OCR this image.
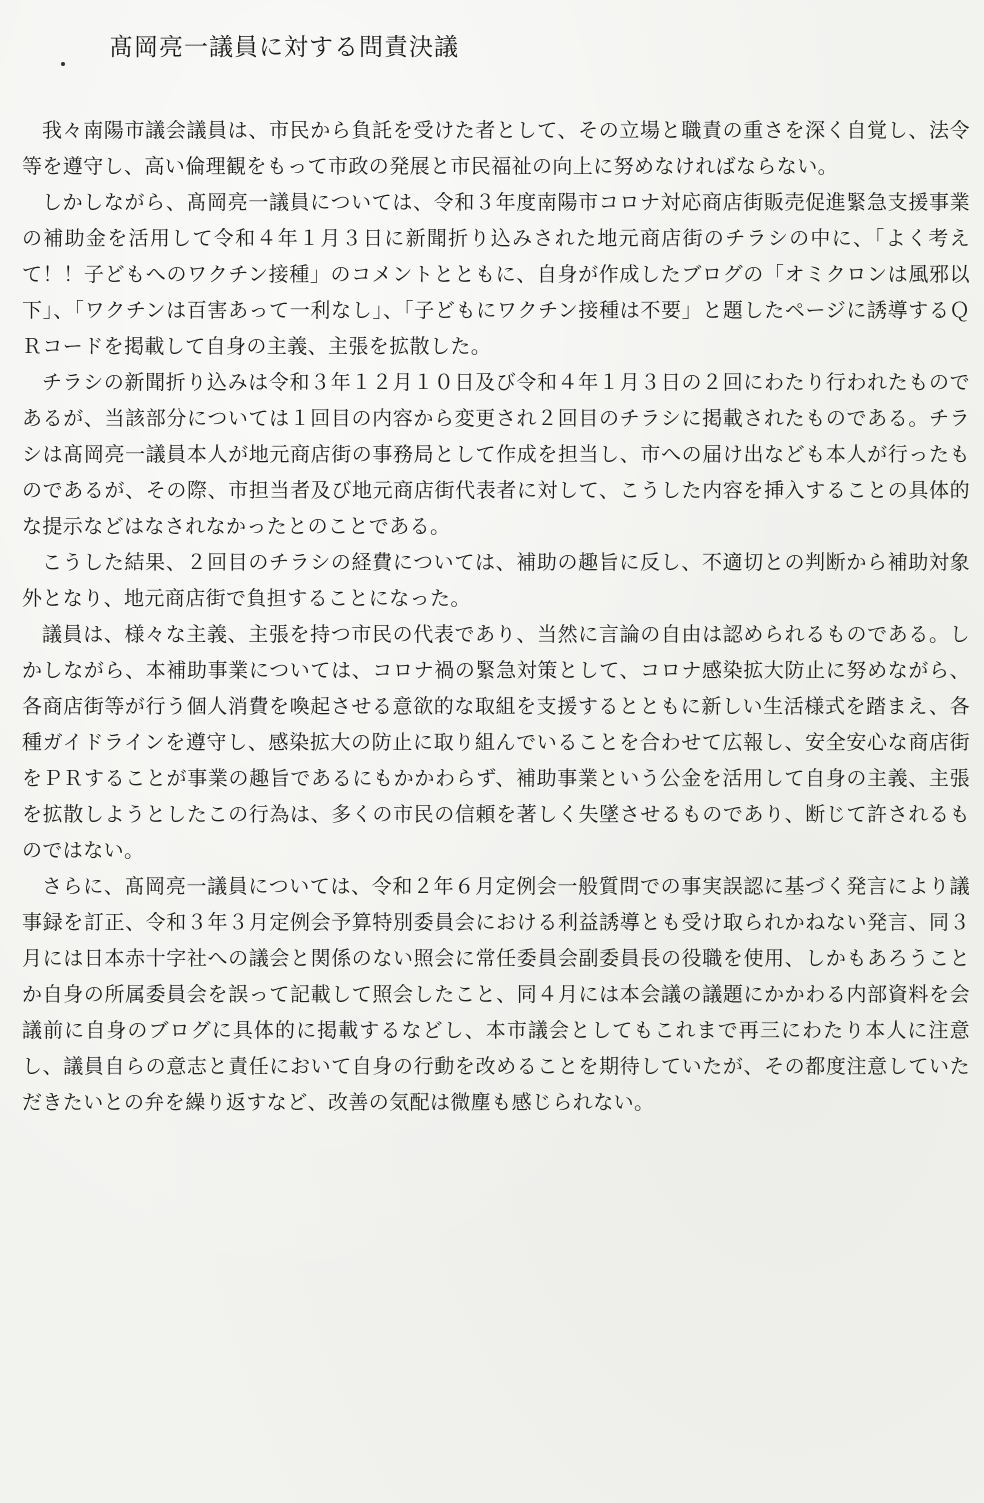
髙岡亮一議員に対する問責決議

我々南陽市議会議員は、市民から負託を受けた者として、その立場と職責の重さを深く自覚し、法令等を遵守し、高い倫理観をもって市政の発展と市民福祉の向上に努めなければならない。

しかしながら、髙岡亮一議員については、令和３年度南陽市コロナ対応商店街販売促進緊急支援事業の補助金を活用して令和４年１月３日に新聞折り込みされた地元商店街のチラシの中に、「よく考えて！！子どもへのワクチン接種」のコメントとともに、自身が作成したブログの「オミクロンは風邪以下」、「ワクチンは百害あって一利なし」、「子どもにワクチン接種は不要」と題したページに誘導するＱＲコードを掲載して自身の主義、主張を拡散した。

チラシの新聞折り込みは令和３年１２月１０日及び令和４年１月３日の２回にわたり行われたものであるが、当該部分については１回目の内容から変更され２回目のチラシに掲載されたものである。チラシは髙岡亮一議員本人が地元商店街の事務局として作成を担当し、市への届け出なども本人が行ったものであるが、その際、市担当者及び地元商店街代表者に対して、こうした内容を挿入することの具体的な提示などはなされなかったとのことである。

こうした結果、２回目のチラシの経費については、補助の趣旨に反し、不適切との判断から補助対象外となり、地元商店街で負担することになった。

議員は、様々な主義、主張を持つ市民の代表であり、当然に言論の自由は認められるものである。しかしながら、本補助事業については、コロナ禍の緊急対策として、コロナ感染拡大防止に努めながら、各商店街等が行う個人消費を喚起させる意欲的な取組を支援するとともに新しい生活様式を踏まえ、各種ガイドラインを遵守し、感染拡大の防止に取り組んでいることを合わせて広報し、安全安心な商店街をＰＲすることが事業の趣旨であるにもかかわらず、補助事業という公金を活用して自身の主義、主張を拡散しようとしたこの行為は、多くの市民の信頼を著しく失墜させるものであり、断じて許されるものではない。

さらに、髙岡亮一議員については、令和２年６月定例会一般質問での事実誤認に基づく発言により議事録を訂正、令和３年３月定例会予算特別委員会における利益誘導とも受け取られかねない発言、同３月には日本赤十字社への議会と関係のない照会に常任委員会副委員長の役職を使用、しかもあろうことか自身の所属委員会を誤って記載して照会したこと、同４月には本会議の議題にかかわる内部資料を会議前に自身のブログに具体的に掲載するなどし、本市議会としてもこれまで再三にわたり本人に注意し、議員自らの意志と責任において自身の行動を改めることを期待していたが、その都度注意していただきたいとの弁を繰り返すなど、改善の気配は微塵も感じられない。
